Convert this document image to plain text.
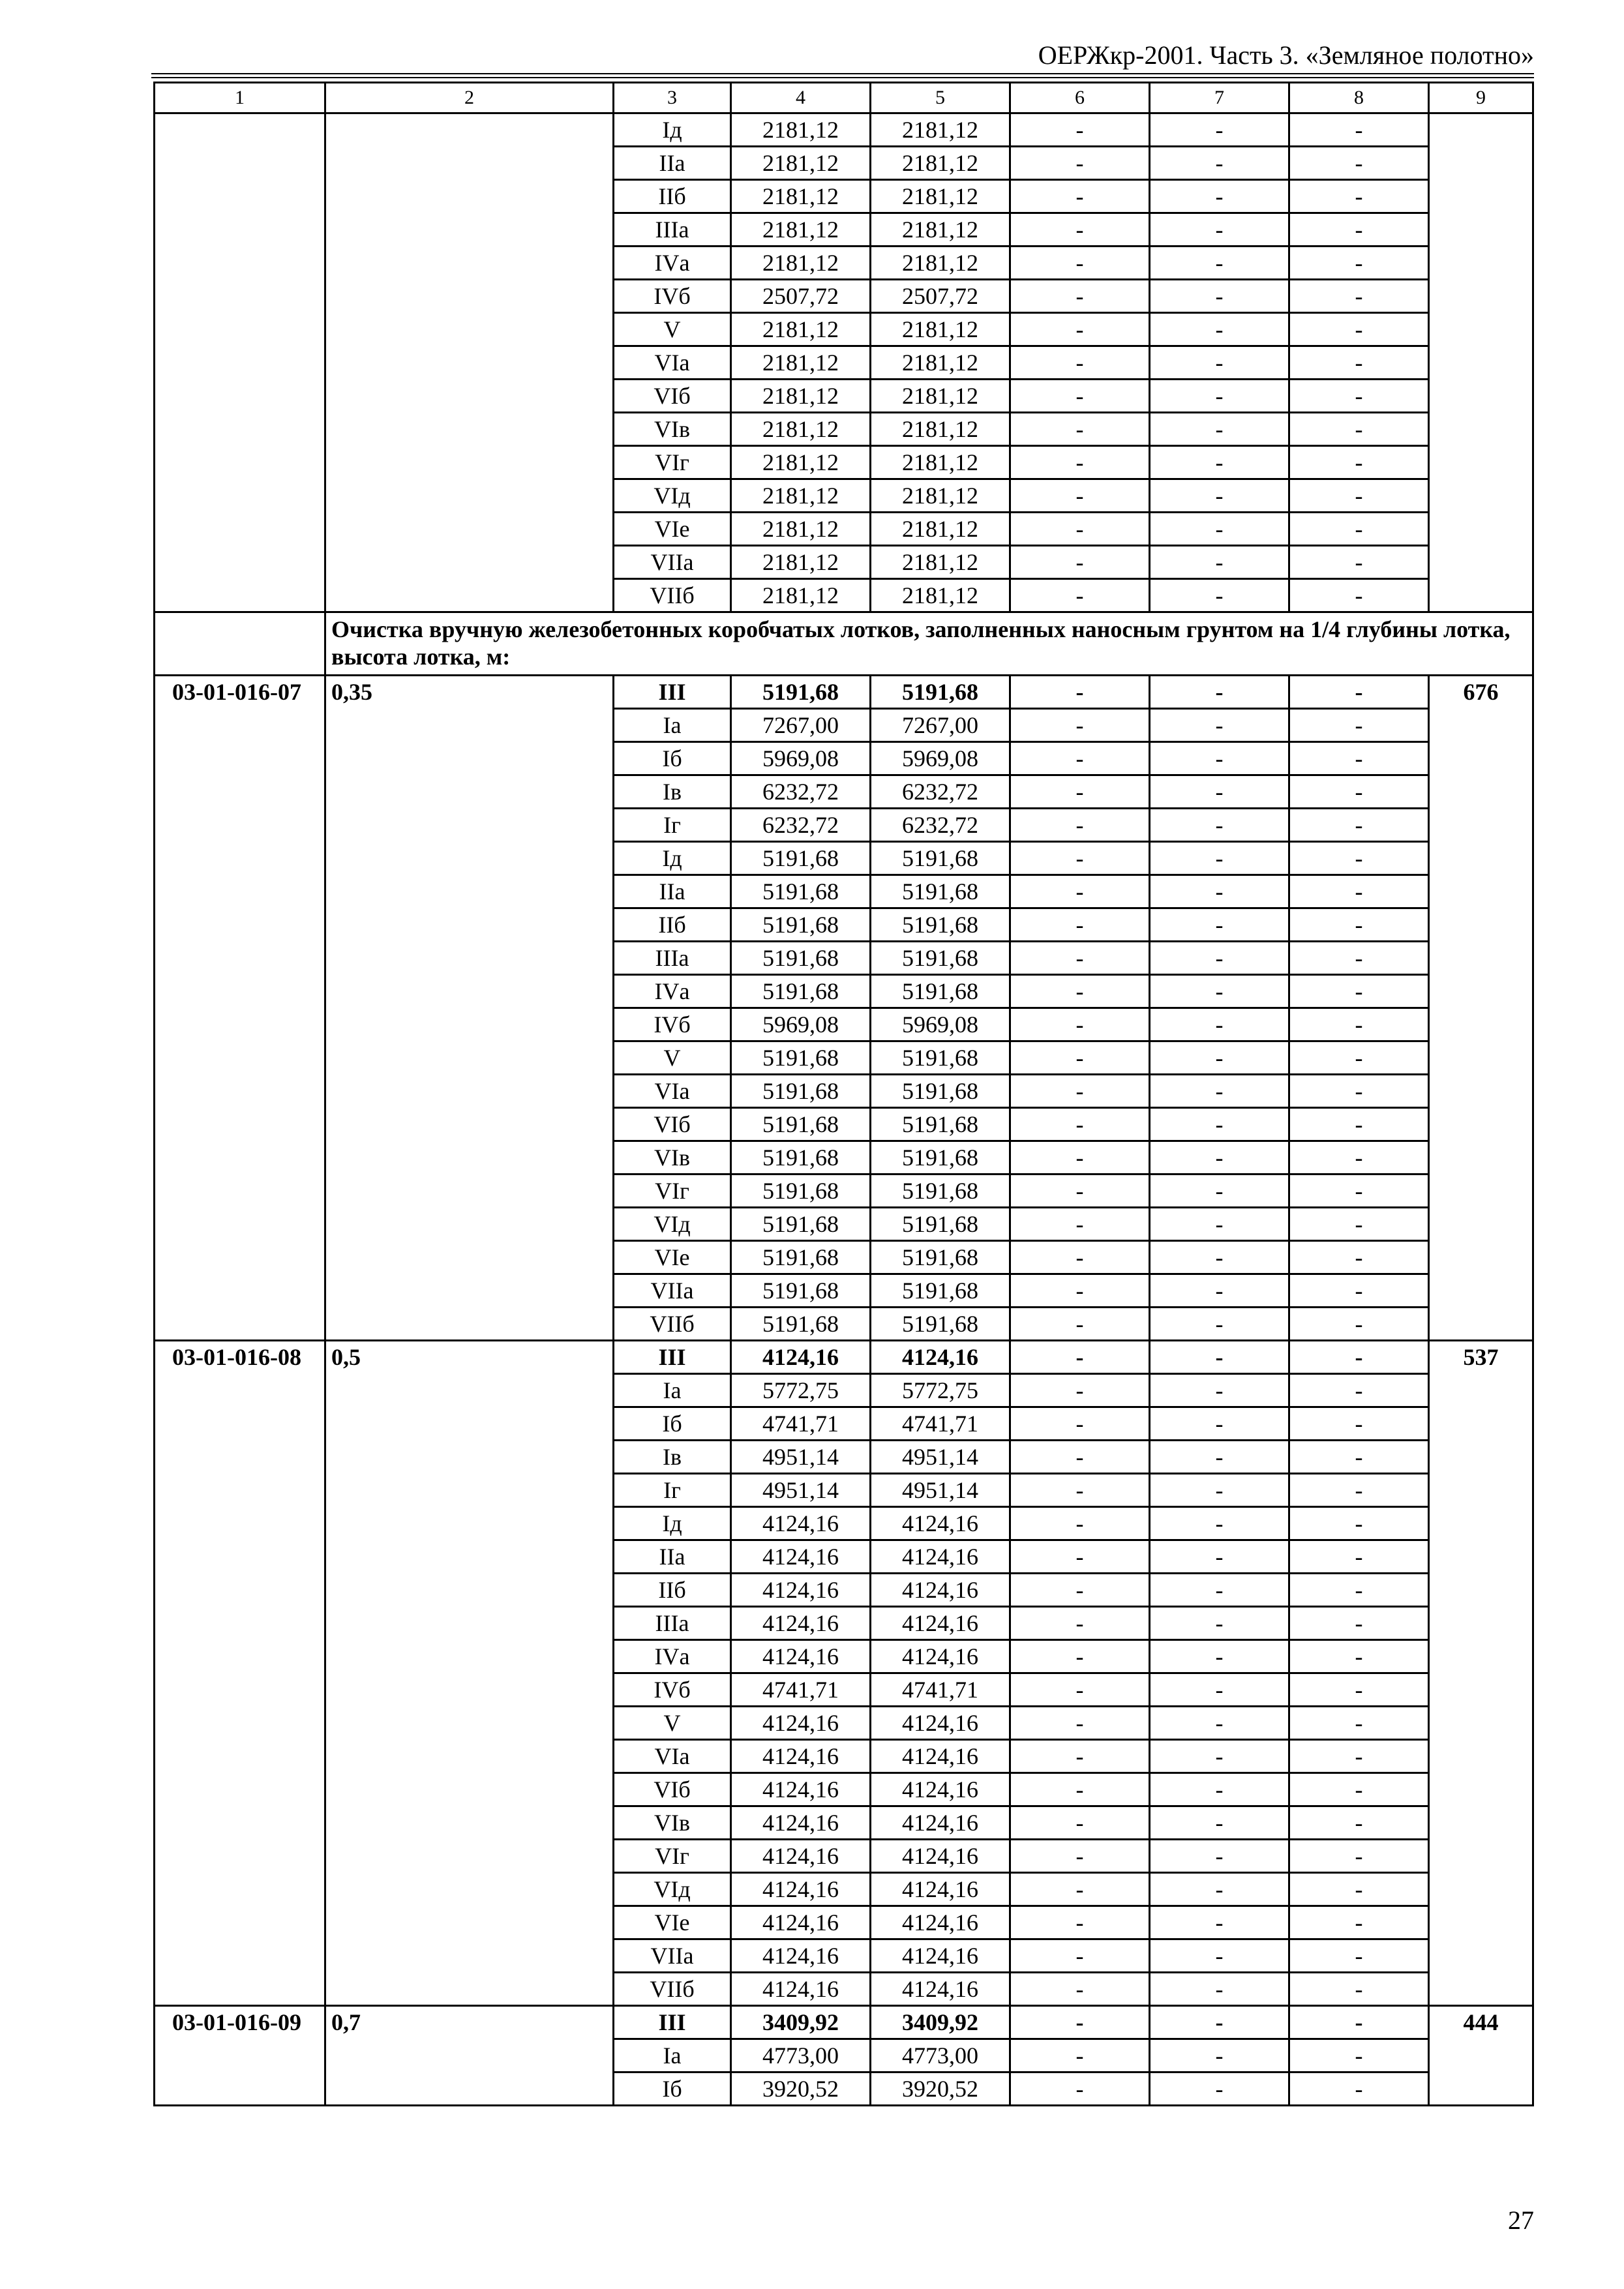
ОЕРЖкр-2001. Часть 3. «Земляное полотно»
1	2	3	4	5	6	7	8	9
		Iд	2181,12	2181,12	-	-	-	
		IIа	2181,12	2181,12	-	-	-	
		IIб	2181,12	2181,12	-	-	-	
		IIIа	2181,12	2181,12	-	-	-	
		IVа	2181,12	2181,12	-	-	-	
		IVб	2507,72	2507,72	-	-	-	
		V	2181,12	2181,12	-	-	-	
		VIа	2181,12	2181,12	-	-	-	
		VIб	2181,12	2181,12	-	-	-	
		VIв	2181,12	2181,12	-	-	-	
		VIг	2181,12	2181,12	-	-	-	
		VIд	2181,12	2181,12	-	-	-	
		VIе	2181,12	2181,12	-	-	-	
		VIIа	2181,12	2181,12	-	-	-	
		VIIб	2181,12	2181,12	-	-	-	
	Очистка вручную железобетонных коробчатых лотков, заполненных наносным грунтом на 1/4 глубины лотка, высота лотка, м:							
03-01-016-07	0,35	III	5191,68	5191,68	-	-	-	676
		Iа	7267,00	7267,00	-	-	-	
		Iб	5969,08	5969,08	-	-	-	
		Iв	6232,72	6232,72	-	-	-	
		Iг	6232,72	6232,72	-	-	-	
		Iд	5191,68	5191,68	-	-	-	
		IIа	5191,68	5191,68	-	-	-	
		IIб	5191,68	5191,68	-	-	-	
		IIIа	5191,68	5191,68	-	-	-	
		IVа	5191,68	5191,68	-	-	-	
		IVб	5969,08	5969,08	-	-	-	
		V	5191,68	5191,68	-	-	-	
		VIа	5191,68	5191,68	-	-	-	
		VIб	5191,68	5191,68	-	-	-	
		VIв	5191,68	5191,68	-	-	-	
		VIг	5191,68	5191,68	-	-	-	
		VIд	5191,68	5191,68	-	-	-	
		VIе	5191,68	5191,68	-	-	-	
		VIIа	5191,68	5191,68	-	-	-	
		VIIб	5191,68	5191,68	-	-	-	
03-01-016-08	0,5	III	4124,16	4124,16	-	-	-	537
		Iа	5772,75	5772,75	-	-	-	
		Iб	4741,71	4741,71	-	-	-	
		Iв	4951,14	4951,14	-	-	-	
		Iг	4951,14	4951,14	-	-	-	
		Iд	4124,16	4124,16	-	-	-	
		IIа	4124,16	4124,16	-	-	-	
		IIб	4124,16	4124,16	-	-	-	
		IIIа	4124,16	4124,16	-	-	-	
		IVа	4124,16	4124,16	-	-	-	
		IVб	4741,71	4741,71	-	-	-	
		V	4124,16	4124,16	-	-	-	
		VIа	4124,16	4124,16	-	-	-	
		VIб	4124,16	4124,16	-	-	-	
		VIв	4124,16	4124,16	-	-	-	
		VIг	4124,16	4124,16	-	-	-	
		VIд	4124,16	4124,16	-	-	-	
		VIе	4124,16	4124,16	-	-	-	
		VIIа	4124,16	4124,16	-	-	-	
		VIIб	4124,16	4124,16	-	-	-	
03-01-016-09	0,7	III	3409,92	3409,92	-	-	-	444
		Iа	4773,00	4773,00	-	-	-	
		Iб	3920,52	3920,52	-	-	-	
27
